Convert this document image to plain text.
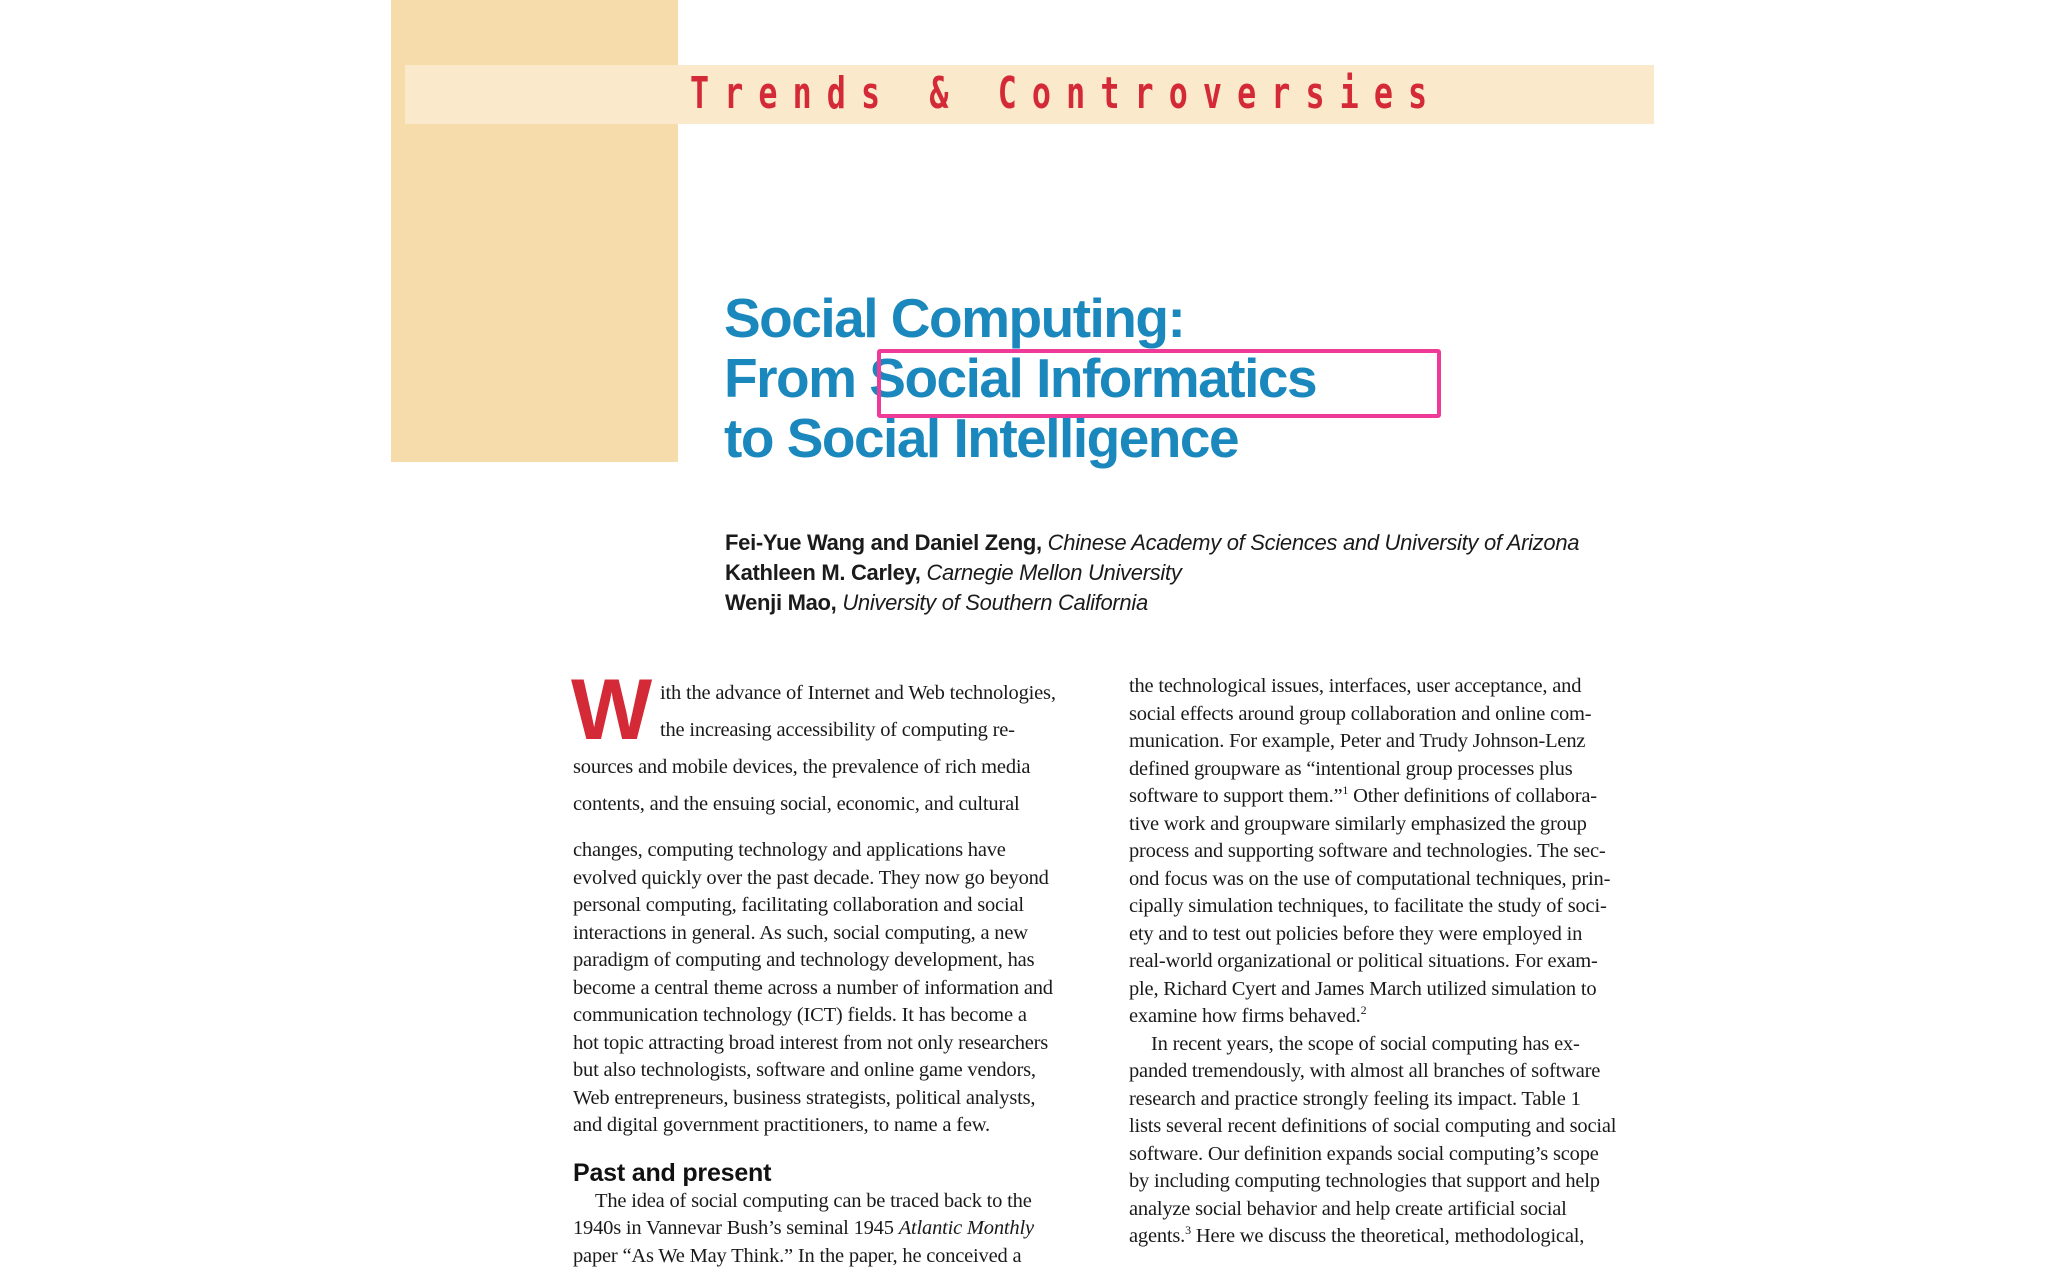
Trends & Controversies
Social Computing:
From Social Informatics
to Social Intelligence
Fei-Yue Wang and Daniel Zeng, Chinese Academy of Sciences and University of Arizona
Kathleen M. Carley, Carnegie Mellon University
Wenji Mao, University of Southern California
W ith the advance of Internet and Web technologies,

the increasing accessibility of computing re-

sources and mobile devices, the prevalence of rich media

contents, and the ensuing social, economic, and cultural

changes, computing technology and applications have

evolved quickly over the past decade. They now go beyond

personal computing, facilitating collaboration and social

interactions in general. As such, social computing, a new

paradigm of computing and technology development, has

become a central theme across a number of information and

communication technology (ICT) fields. It has become a

hot topic attracting broad interest from not only researchers

but also technologists, software and online game vendors,

Web entrepreneurs, business strategists, political analysts,

and digital government practitioners, to name a few.

Past and present

The idea of social computing can be traced back to the

1940s in Vannevar Bush’s seminal 1945 Atlantic Monthly

paper “As We May Think.” In the paper, he conceived a

the technological issues, interfaces, user acceptance, and

social effects around group collaboration and online com-

munication. For example, Peter and Trudy Johnson-Lenz

defined groupware as “intentional group processes plus

software to support them.”$^1$ Other definitions of collabora-

tive work and groupware similarly emphasized the group

process and supporting software and technologies. The sec-

ond focus was on the use of computational techniques, prin-

cipally simulation techniques, to facilitate the study of soci-

ety and to test out policies before they were employed in

real-world organizational or political situations. For exam-

ple, Richard Cyert and James March utilized simulation to

examine how firms behaved.$^2$

In recent years, the scope of social computing has ex-

panded tremendously, with almost all branches of software

research and practice strongly feeling its impact. Table 1

lists several recent definitions of social computing and social

software. Our definition expands social computing’s scope

by including computing technologies that support and help

analyze social behavior and help create artificial social

agents.$^3$ Here we discuss the theoretical, methodological,
